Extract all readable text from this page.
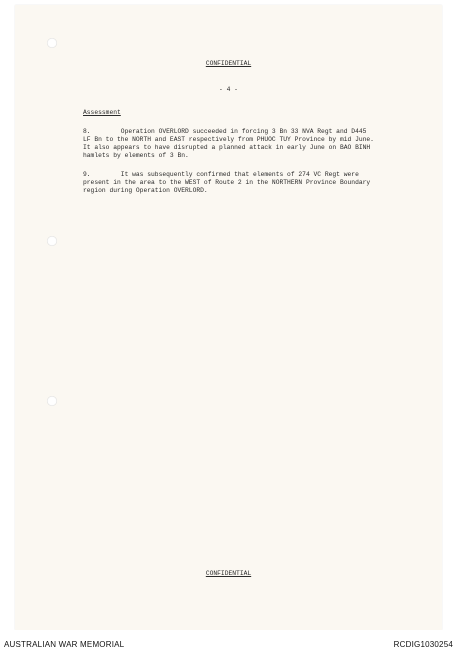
CONFIDENTIAL
- 4 -
Assessment
8.        Operation OVERLORD succeeded in forcing 3 Bn 33 NVA Regt and D445
LF Bn to the NORTH and EAST respectively from PHUOC TUY Province by mid June.
It also appears to have disrupted a planned attack in early June on BAO BINH
hamlets by elements of 3 Bn.
9.        It was subsequently confirmed that elements of 274 VC Regt were
present in the area to the WEST of Route 2 in the NORTHERN Province Boundary
region during Operation OVERLORD.
CONFIDENTIAL
AUSTRALIAN WAR MEMORIAL	RCDIG1030254
